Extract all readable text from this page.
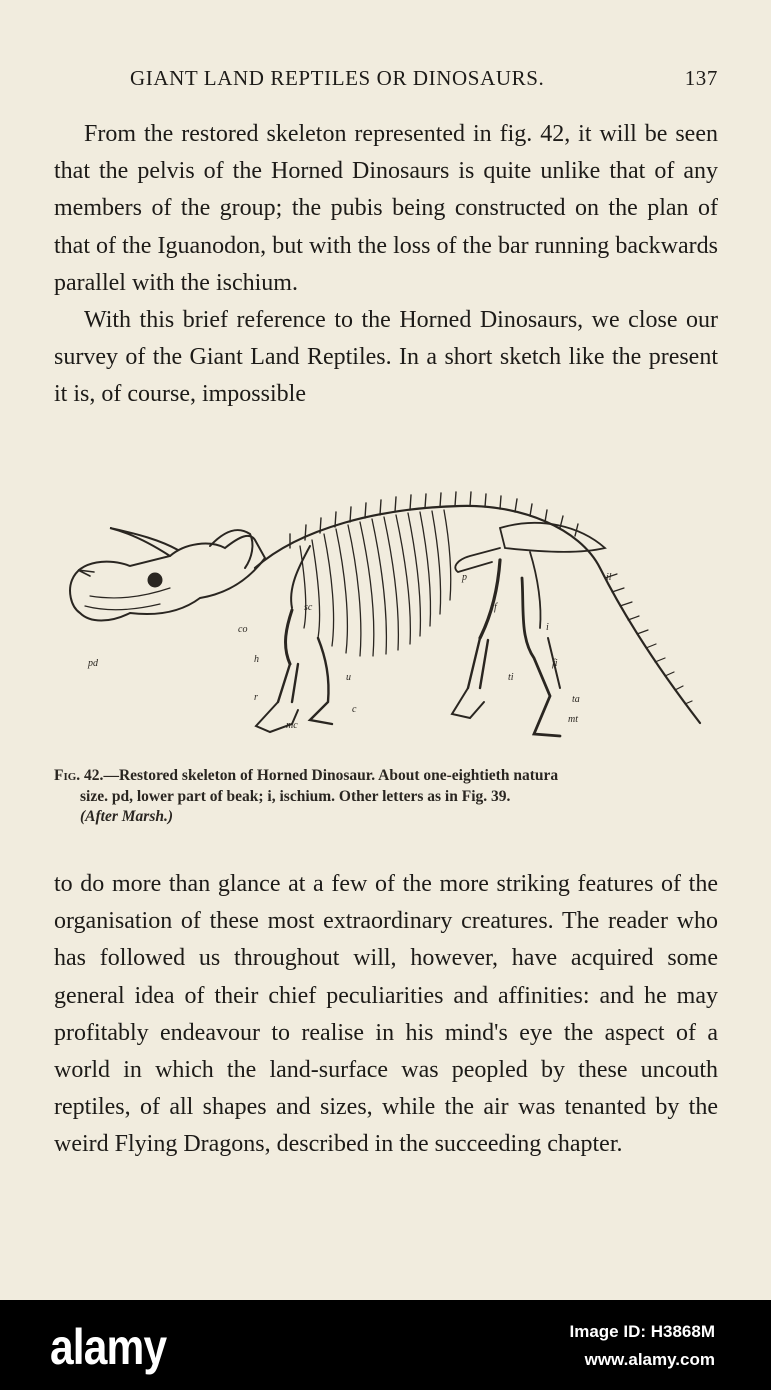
GIANT LAND REPTILES OR DINOSAURS.	137

From the restored skeleton represented in fig. 42, it will be seen that the pelvis of the Horned Dinosaurs is quite unlike that of any members of the group; the pubis being constructed on the plan of that of the Iguanodon, but with the loss of the bar running backwards parallel with the ischium.

With this brief reference to the Horned Dinosaurs, we close our survey of the Giant Land Reptiles. In a short sketch like the present it is, of course, impossible

pd
co
sc
h
r
u
mc
c
p
f
i
il
fi
ti
ta
mt
Fig. 42.—Restored skeleton of Horned Dinosaur. About one-eightieth natura
size. pd, lower part of beak; i, ischium. Other letters as in Fig. 39.
(After Marsh.)

to do more than glance at a few of the more striking features of the organisation of these most extraordinary creatures. The reader who has followed us throughout will, however, have acquired some general idea of their chief peculiarities and affinities: and he may profitably endeavour to realise in his mind's eye the aspect of a world in which the land-surface was peopled by these uncouth reptiles, of all shapes and sizes, while the air was tenanted by the weird Flying Dragons, described in the succeeding chapter.

alamy	Image ID: H3868M
www.alamy.com
